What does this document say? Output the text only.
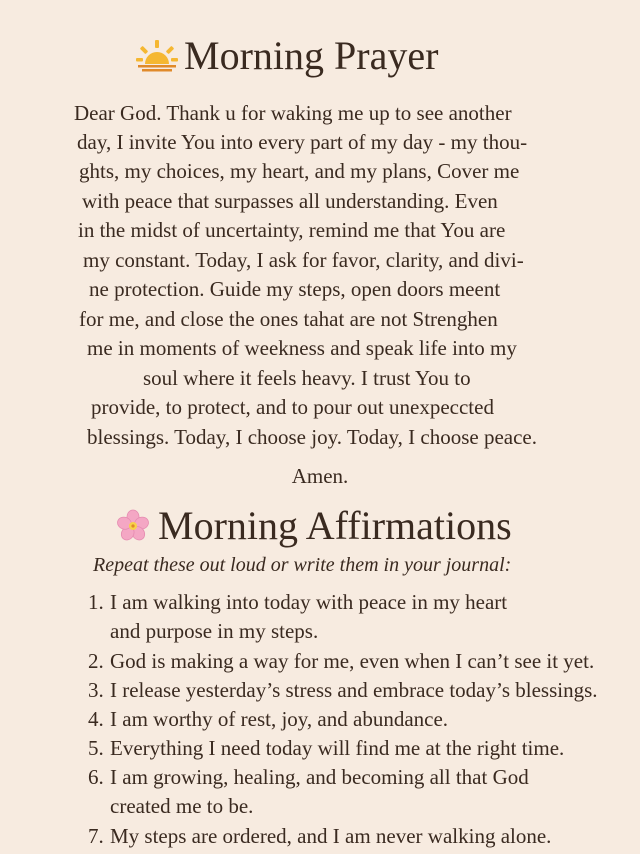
Morning Prayer
Dear God. Thank u for waking me up to see another
day, I invite You into every part of my day - my thou-
ghts, my choices, my heart, and my plans, Cover me
with peace that surpasses all understanding. Even
in the midst of uncertainty, remind me that You are
my constant. Today, I ask for favor, clarity, and divi-
ne protection. Guide my steps, open doors meent
for me, and close the ones tahat are not Strenghen
me in moments of weekness and speak life into my
soul where it feels heavy. I trust You to
provide, to protect, and to pour out unexpeccted
blessings. Today, I choose joy. Today, I choose peace.
Amen.
Morning Affirmations
Repeat these out loud or write them in your journal:
1. I am walking into today with peace in my heart
and purpose in my steps.
2. God is making a way for me, even when I can’t see it yet.
3. I release yesterday’s stress and embrace today’s blessings.
4. I am worthy of rest, joy, and abundance.
5. Everything I need today will find me at the right time.
6. I am growing, healing, and becoming all that God
created me to be.
7. My steps are ordered, and I am never walking alone.
